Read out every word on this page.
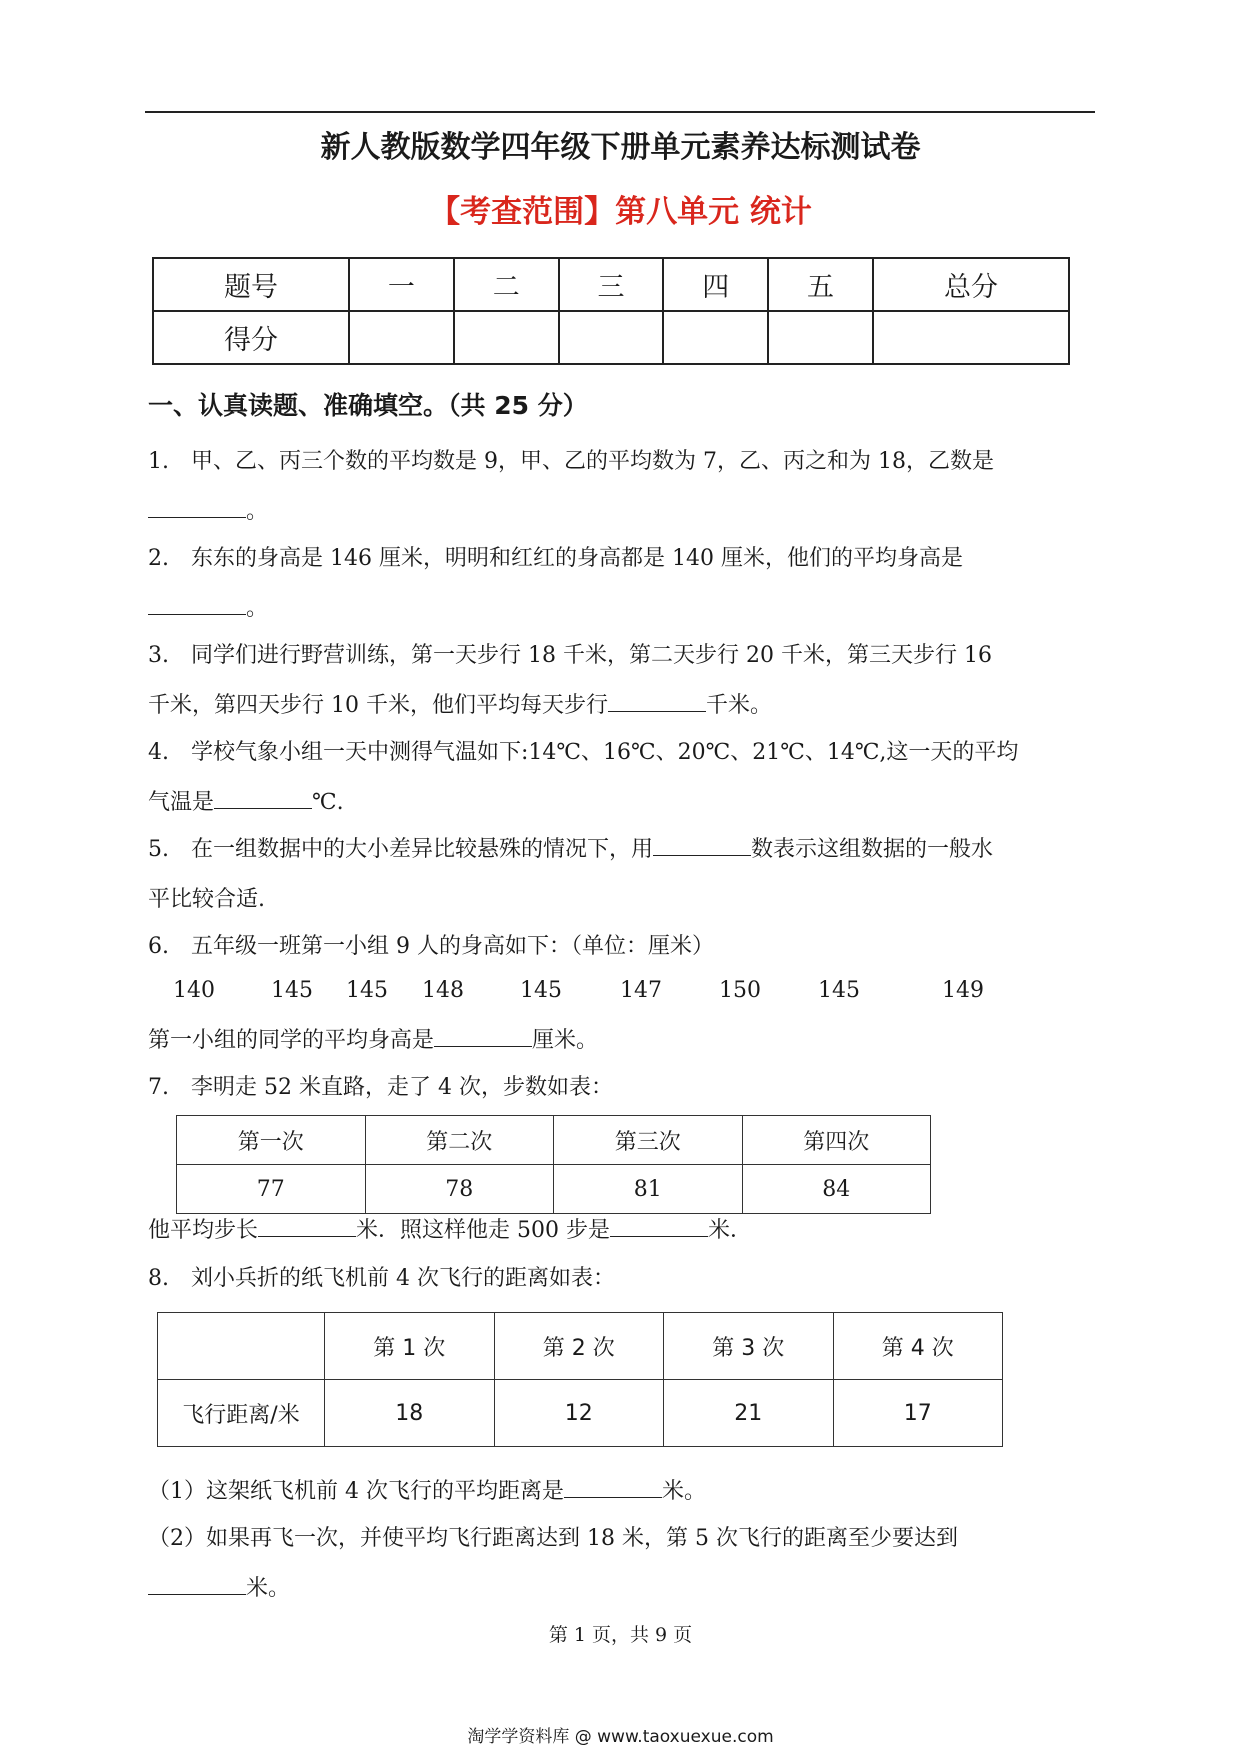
新人教版数学四年级下册单元素养达标测试卷
【考查范围】第八单元 统计
题号	一	二	三	四	五	总分
得分						
一、认真读题、准确填空。（共 25 分）
1.　甲、乙、丙三个数的平均数是 9，甲、乙的平均数为 7，乙、丙之和为 18，乙数是
。
2.　东东的身高是 146 厘米，明明和红红的身高都是 140 厘米，他们的平均身高是
。
3.　同学们进行野营训练，第一天步行 18 千米，第二天步行 20 千米，第三天步行 16
千米，第四天步行 10 千米，他们平均每天步行	千米。
4.　学校气象小组一天中测得气温如下:14℃、16℃、20℃、21℃、14℃,这一天的平均
气温是	℃.
5.　在一组数据中的大小差异比较悬殊的情况下，用	数表示这组数据的一般水
平比较合适.
6.　五年级一班第一小组 9 人的身高如下：（单位：厘米）
140	145 145 148	145	147	150	145	149
第一小组的同学的平均身高是	厘米。
7.　李明走 52 米直路，走了 4 次，步数如表：
第一次	第二次	第三次	第四次
77	78	81	84
他平均步长	米．照这样他走 500 步是	米．
8.　刘小兵折的纸飞机前 4 次飞行的距离如表：
	第 1 次	第 2 次	第 3 次	第 4 次
飞行距离/米	18	12	21	17
（1）这架纸飞机前 4 次飞行的平均距离是	米。
（2）如果再飞一次，并使平均飞行距离达到 18 米，第 5 次飞行的距离至少要达到
米。
第 1 页，共 9 页
淘学学资料库 @ www.taoxuexue.com
